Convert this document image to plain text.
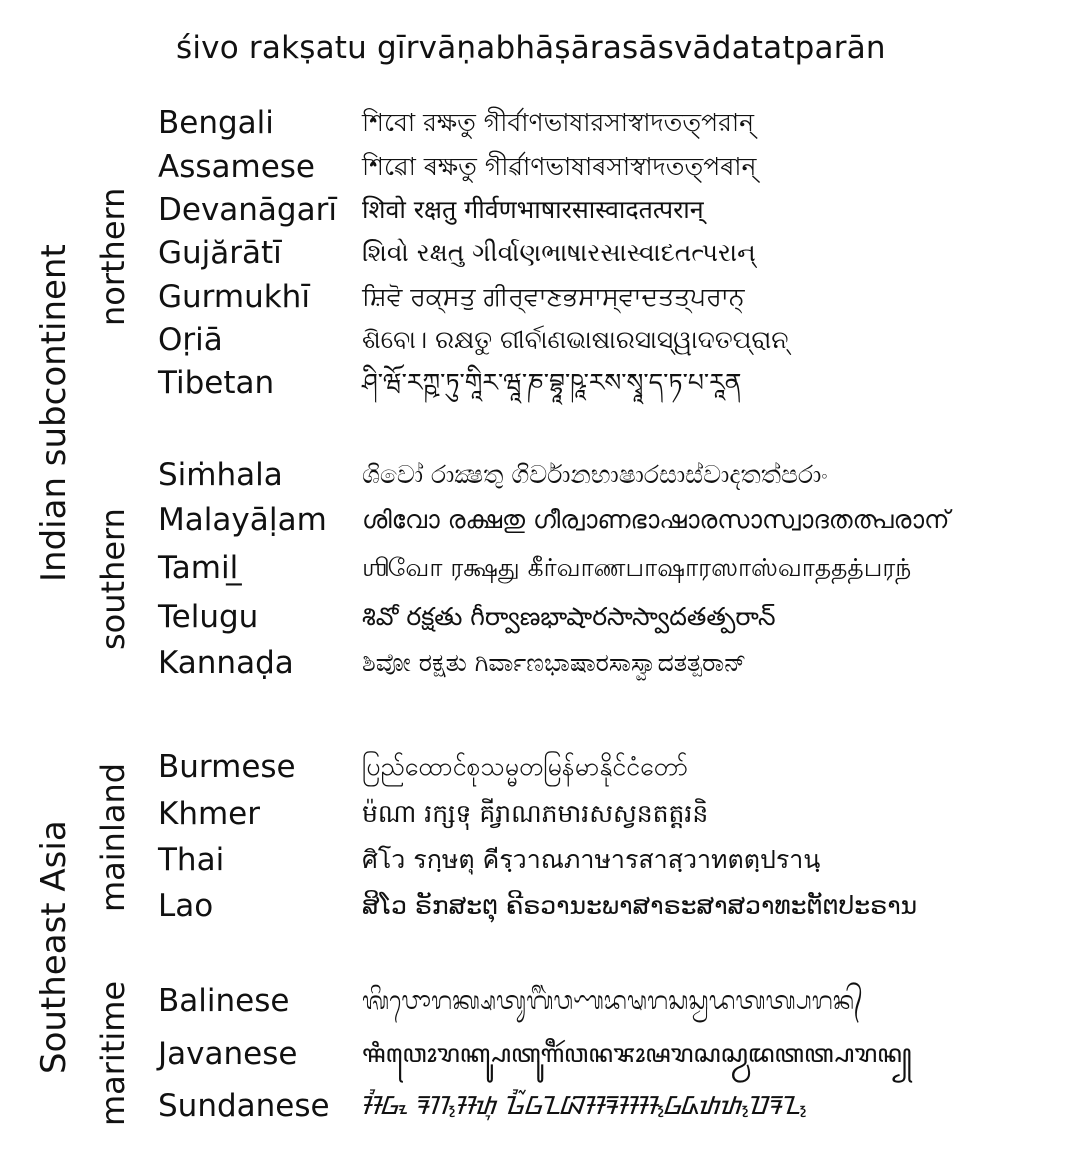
śivo rakṣatu gīrvāṇabhāṣārasāsvādatatparān
Indian subcontinent northern
southern
Southeast Asia mainland
maritime
Bengali	শিবো রক্ষতু গীর্বাণভাষারসাস্বাদতত্পরান্
Assamese শিৱো ৰক্ষতু গীৰ্ৱাণভাষাৰসাস্বাদতত্পৰান্
Devanāgarī शिवो रक्षतु गीर्वणभाषारसास्वादतत्परान्
Gujărātī	શિવો રક્ષતુ ગીર્વાણભાષારસાસ્વાદતત્પરાન્
Gurmukhī ਸ਼ਿਵੋ ਰਕ੍ਸਤੁ ਗੀਰ੍ਵਾਣਭਸਾਸ੍ਵਾਦਤਤ੍ਪਰਾਨ੍
Oṛiā	ଶିବୋ। ରକ୍ଷତୁ ଗୀର୍ବାଣଭାଷାରସାସ୍ୱାଦତପ୍ରାନ୍
Tibetan	ཤི་ཝོ་རཀྵ་ཏུ་གཱིར་ཝཱ་ཎ་བྷཱ་ཥཱ་རས་སྭཱ་ད་ཏ་པ་རཱན
Siṁhala	ශිවෝ රාක්‍ෂතු ගිර්වානභාෂාරසාස්වාදතත්පරාං
Malayāḷam ശിവോ രക്ഷതു ഗീര്വാണഭാഷാരസാസ്വാദതത്പരാന്
Tamil̲	ஶிவோ ரக்ஷது கீர்வாணபாஷாரஸாஸ்வாததத்பரந்
Telugu	శివో రక్షతు గీర్వాణభాషారసాస్వాదతత్పరాన్
Kannaḍa	ಶಿವೋ ರಕ್ಷತು ಗಿರ್ವಾಣಭಾಷಾರಸಾಸ್ವಾದತತ್ಪರಾನ್
Burmese	ပြည်ထောင်စုသမ္မတမြန်မာနိုင်ငံတော်
Khmer	ម៉ណា រក្សទុ គីរ្វាណភមារសស្វនតត្តរនិ
Thai	ศิโว รกฺษตุ คีรฺวาณภาษารสาสฺวาทตตฺปรานฺ
Lao	ສິໂວ ຣັກສະຕຸ ຄີຣວານະພາສາຣະສາສວາທະຕັຕປະຣານ
Balinese	ᬰᬶᬯᭀᬭᬓ᭄ᬱᬢᬸᬕᬷᬃᬯᬡᬪᬱᬭᬲᬲ᭄ᬯᬤᬢᬢ᭄ᬧᬭᬦ᭄
Javanese	ꦯꦶꦮꦺꦴꦫꦏ꧀ꦰꦠꦸꦒꦷꦂꦮꦤꦨꦴꦰꦫꦱꦱ꧀ꦮꦢꦠꦠ꧀ꦥꦫꦤ꧀
Sundanese ᮞᮤᮝᮧ ᮛᮊ᮪ᮞᮒᮥ ᮌᮤᮁᮝᮔᮘᮞᮛᮞᮞ᮪ᮝᮓᮒᮒ᮪ᮕᮛᮔ᮪
